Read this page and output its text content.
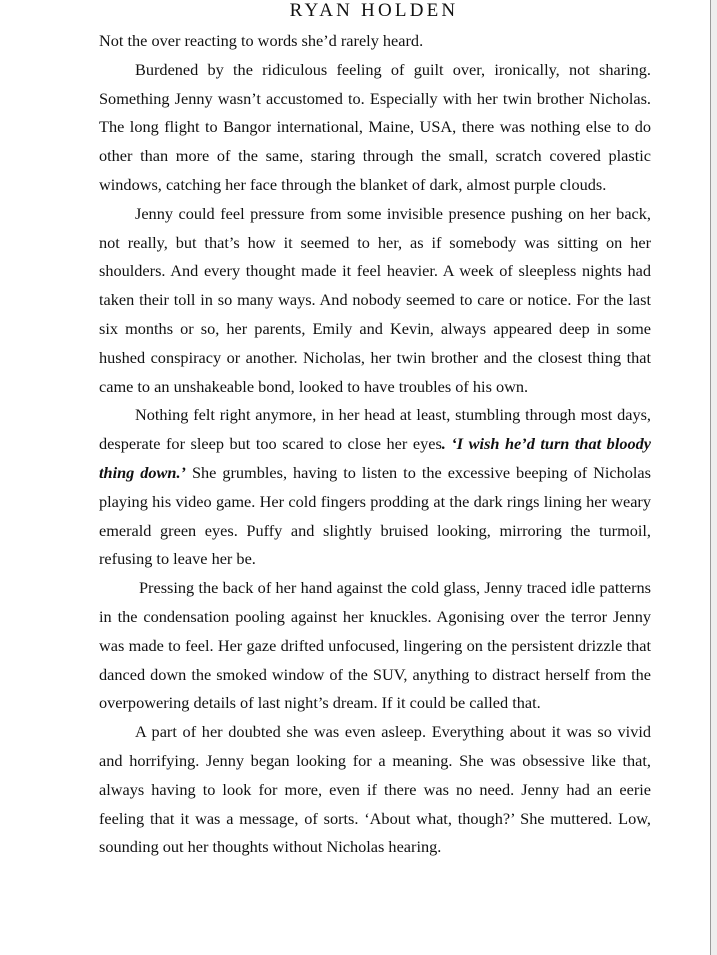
RYAN HOLDEN

Not the over reacting to words she’d rarely heard.

Burdened by the ridiculous feeling of guilt over, ironically, not sharing. Something Jenny wasn’t accustomed to. Especially with her twin brother Nicholas. The long flight to Bangor international, Maine, USA, there was nothing else to do other than more of the same, staring through the small, scratch covered plastic windows, catching her face through the blanket of dark, almost purple clouds.

Jenny could feel pressure from some invisible presence pushing on her back, not really, but that’s how it seemed to her, as if somebody was sitting on her shoulders. And every thought made it feel heavier. A week of sleepless nights had taken their toll in so many ways. And nobody seemed to care or notice. For the last six months or so, her parents, Emily and Kevin, always appeared deep in some hushed conspiracy or another. Nicholas, her twin brother and the closest thing that came to an unshakeable bond, looked to have troubles of his own.

Nothing felt right anymore, in her head at least, stumbling through most days, desperate for sleep but too scared to close her eyes. ‘I wish he’d turn that bloody thing down.’ She grumbles, having to listen to the excessive beeping of Nicholas playing his video game. Her cold fingers prodding at the dark rings lining her weary emerald green eyes. Puffy and slightly bruised looking, mirroring the turmoil, refusing to leave her be.

Pressing the back of her hand against the cold glass, Jenny traced idle patterns in the condensation pooling against her knuckles. Agonising over the terror Jenny was made to feel. Her gaze drifted unfocused, lingering on the persistent drizzle that danced down the smoked window of the SUV, anything to distract herself from the overpowering details of last night’s dream. If it could be called that.

A part of her doubted she was even asleep. Everything about it was so vivid and horrifying. Jenny began looking for a meaning. She was obsessive like that, always having to look for more, even if there was no need. Jenny had an eerie feeling that it was a message, of sorts. ‘About what, though?’ She muttered. Low, sounding out her thoughts without Nicholas hearing.
